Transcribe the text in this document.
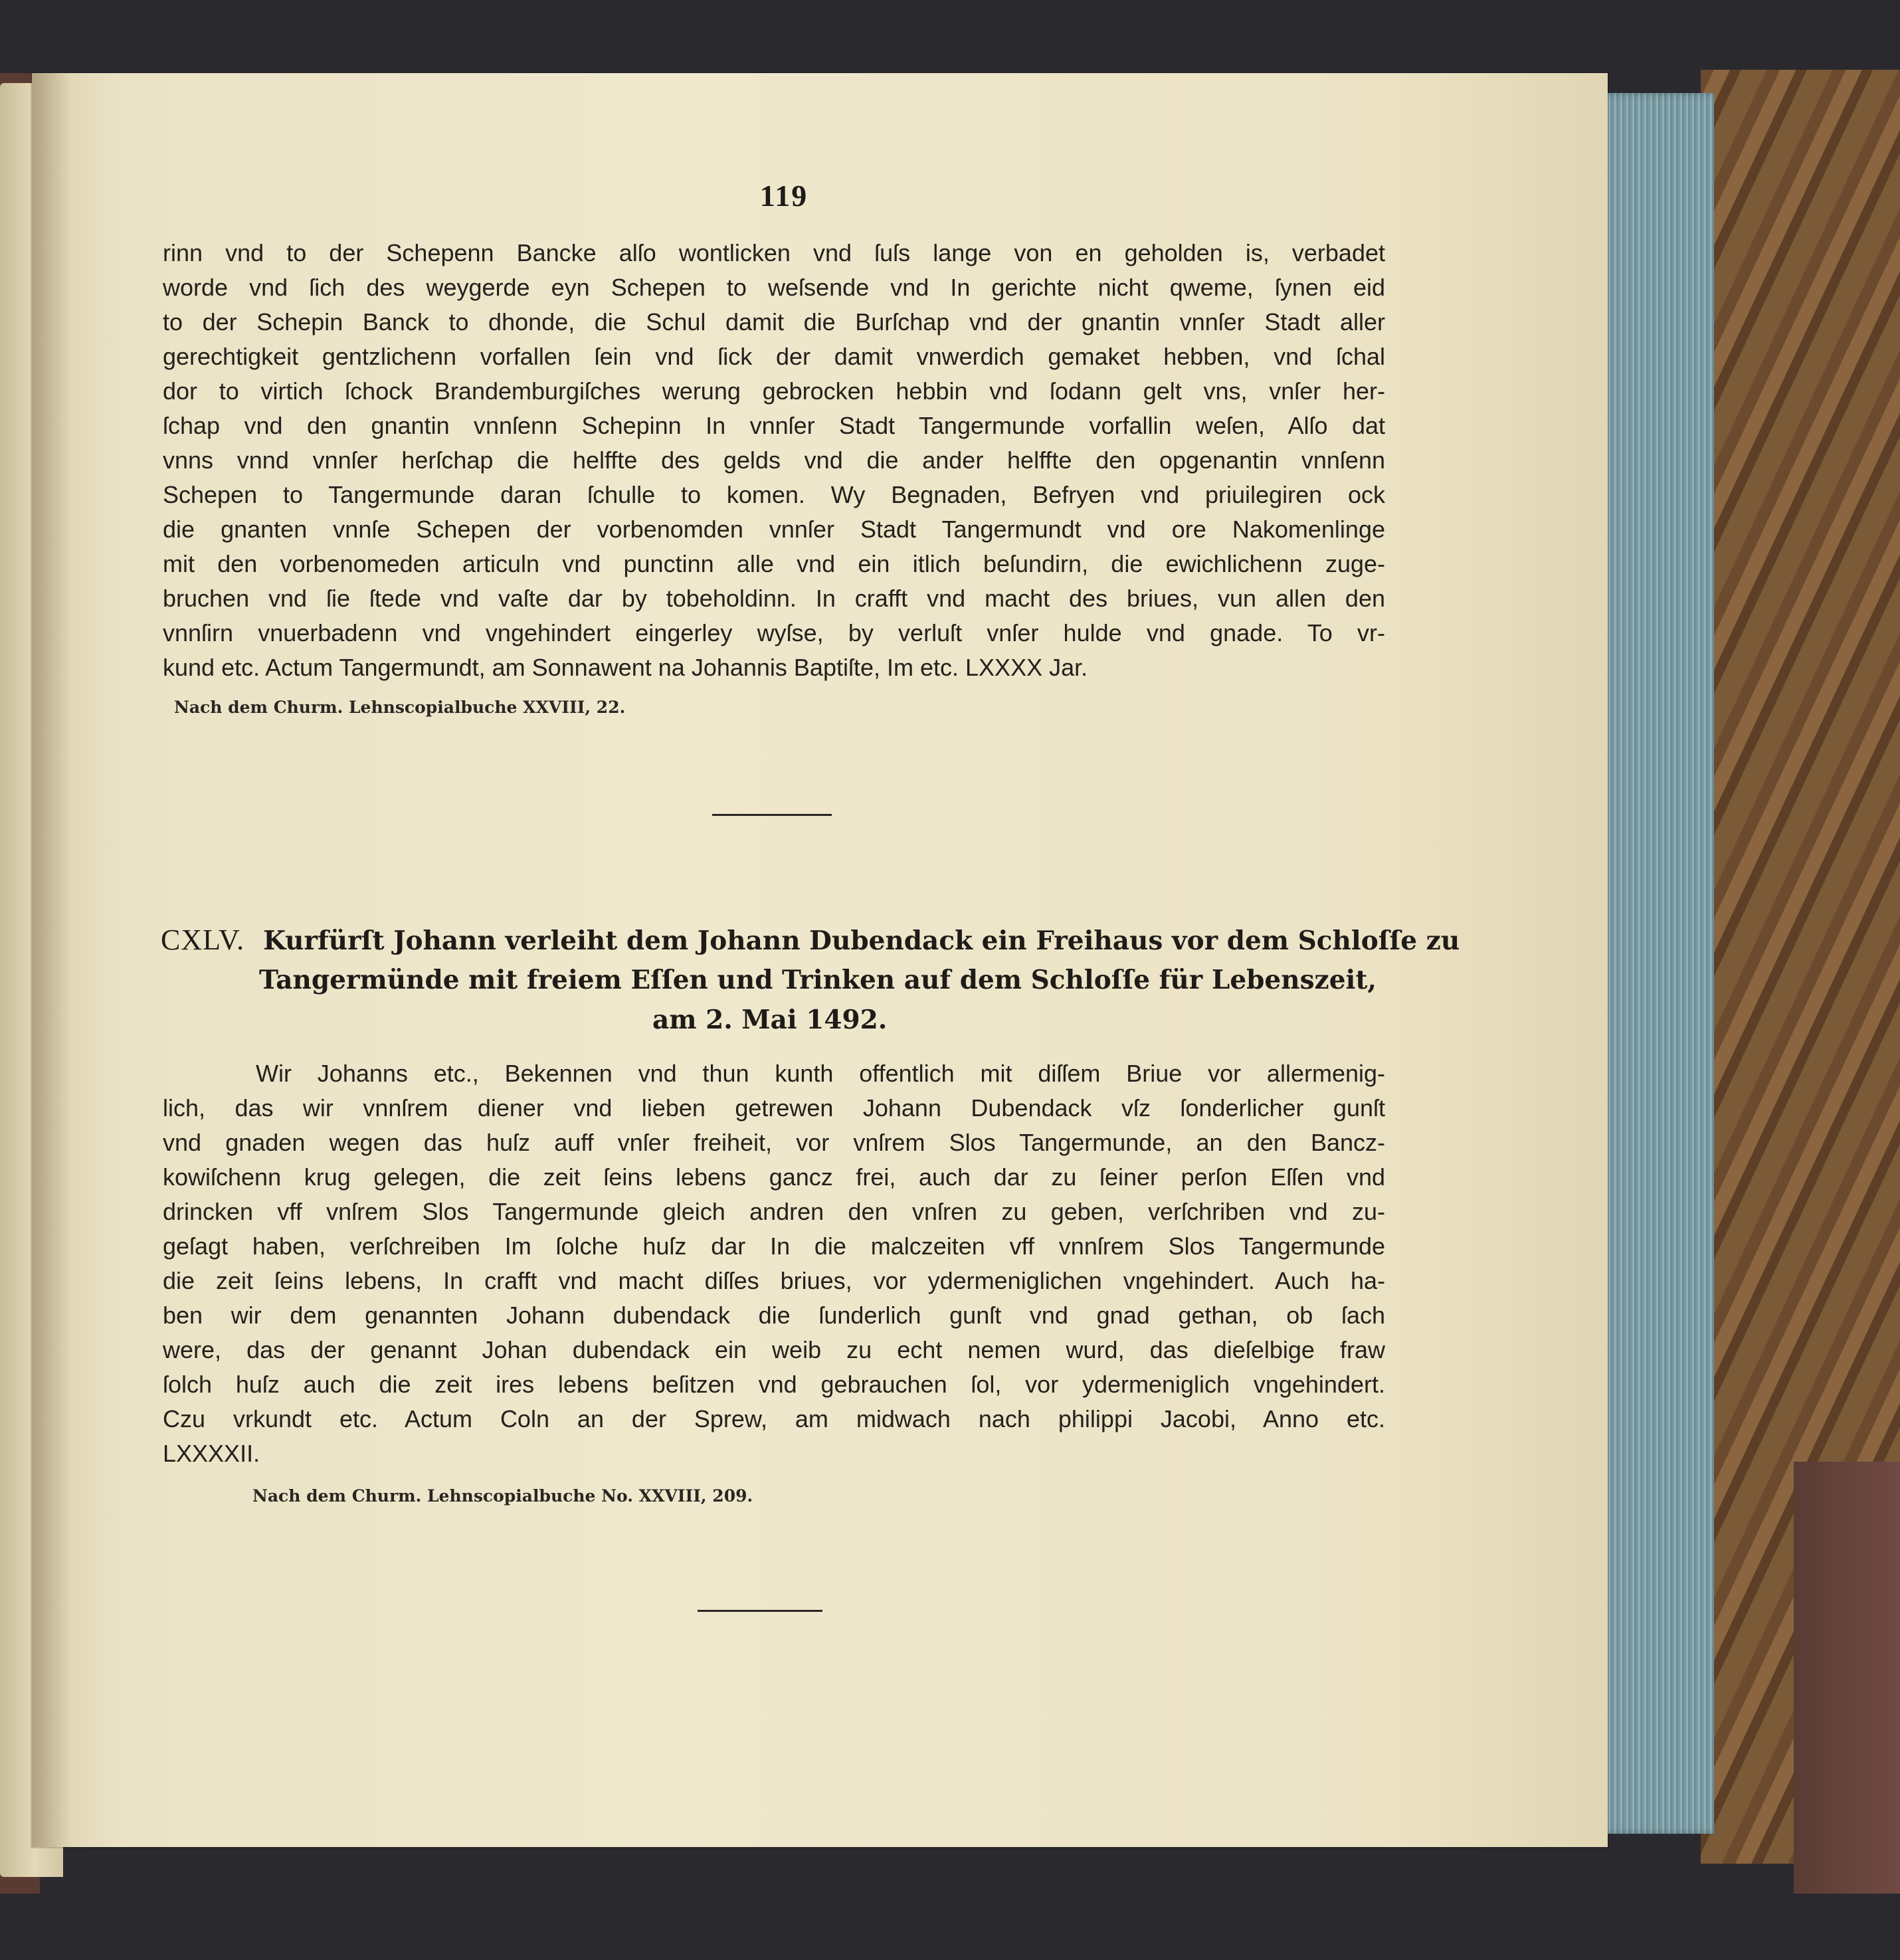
119
rinn vnd to der Schepenn Bancke alſo wontlicken vnd ſuſs lange von en geholden is, verbadet
worde vnd ſich des weygerde eyn Schepen to weſsende vnd In gerichte nicht qweme, ſynen eid
to der Schepin Banck to dhonde, die Schul damit die Burſchap vnd der gnantin vnnſer Stadt aller
gerechtigkeit gentzlichenn vorfallen ſein vnd ſick der damit vnwerdich gemaket hebben, vnd ſchal
dor to virtich ſchock Brandemburgiſches werung gebrocken hebbin vnd ſodann gelt vns, vnſer her-
ſchap vnd den gnantin vnnſenn Schepinn In vnnſer Stadt Tangermunde vorfallin weſen, Alſo dat
vnns vnnd vnnſer herſchap die helffte des gelds vnd die ander helffte den opgenantin vnnſenn
Schepen to Tangermunde daran ſchulle to komen. Wy Begnaden, Befryen vnd priuilegiren ock
die gnanten vnnſe Schepen der vorbenomden vnnſer Stadt Tangermundt vnd ore Nakomenlinge
mit den vorbenomeden articuln vnd punctinn alle vnd ein itlich beſundirn, die ewichlichenn zuge-
bruchen vnd ſie ſtede vnd vaſte dar by tobeholdinn. In crafft vnd macht des briues, vun allen den
vnnſirn vnuerbadenn vnd vngehindert eingerley wyſse, by verluſt vnſer hulde vnd gnade. To vr-
kund etc. Actum Tangermundt, am Sonnawent na Johannis Baptiſte, Im etc. LXXXX Jar.
Nach dem Churm. Lehnscopialbuche XXVIII, 22.
CXLV. Kurfürſt Johann verleiht dem Johann Dubendack ein Freihaus vor dem Schloſſe zu
Tangermünde mit freiem Eſſen und Trinken auf dem Schloſſe für Lebenszeit,
am 2. Mai 1492.
Wir Johanns etc., Bekennen vnd thun kunth offentlich mit diſſem Briue vor allermenig-
lich, das wir vnnſrem diener vnd lieben getrewen Johann Dubendack vſz ſonderlicher gunſt
vnd gnaden wegen das huſz auff vnſer freiheit, vor vnſrem Slos Tangermunde, an den Bancz-
kowiſchenn krug gelegen, die zeit ſeins lebens gancz frei, auch dar zu ſeiner perſon Eſſen vnd
drincken vff vnſrem Slos Tangermunde gleich andren den vnſren zu geben, verſchriben vnd zu-
geſagt haben, verſchreiben Im ſolche huſz dar In die malczeiten vff vnnſrem Slos Tangermunde
die zeit ſeins lebens, In crafft vnd macht diſſes briues, vor ydermeniglichen vngehindert. Auch ha-
ben wir dem genannten Johann dubendack die ſunderlich gunſt vnd gnad gethan, ob ſach
were, das der genannt Johan dubendack ein weib zu echt nemen wurd, das dieſelbige fraw
ſolch huſz auch die zeit ires lebens beſitzen vnd gebrauchen ſol, vor ydermeniglich vngehindert.
Czu vrkundt etc. Actum Coln an der Sprew, am midwach nach philippi Jacobi, Anno etc.
LXXXXII.
Nach dem Churm. Lehnscopialbuche No. XXVIII, 209.
